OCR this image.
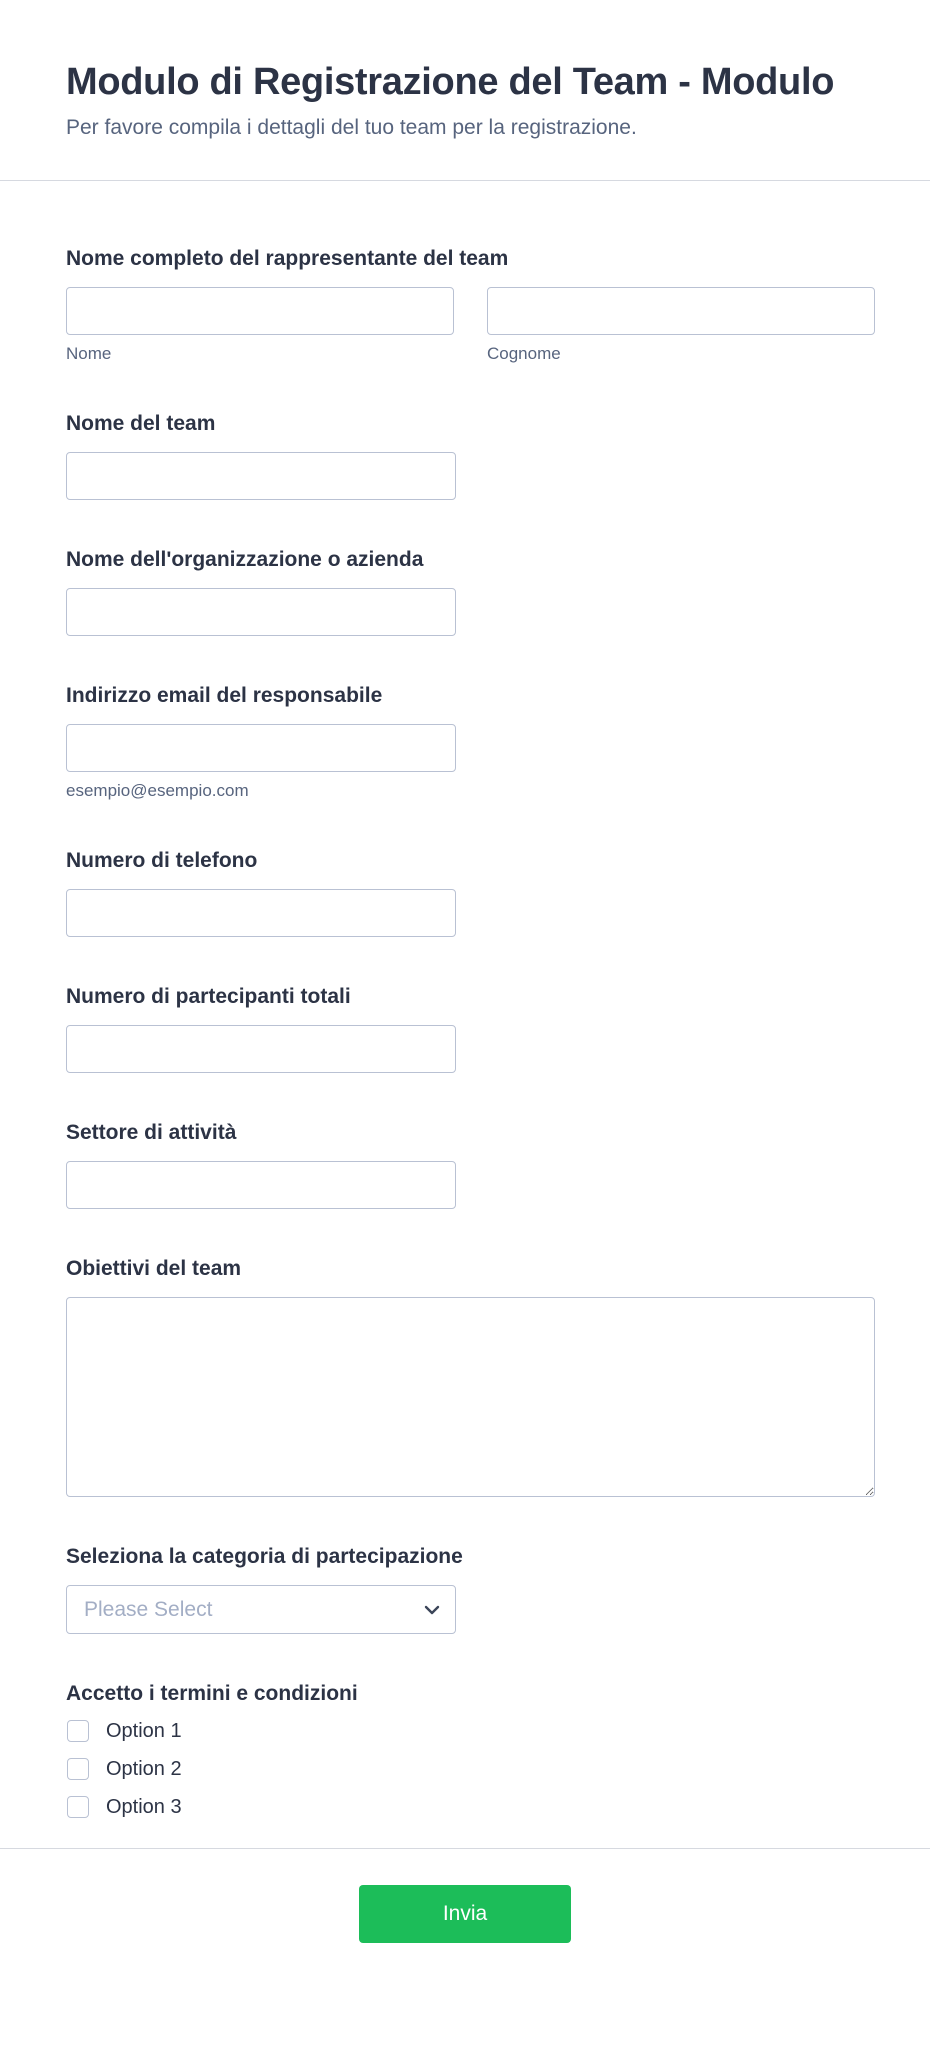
Modulo di Registrazione del Team - Modulo

Per favore compila i dettagli del tuo team per la registrazione.

Nome completo del rappresentante del team
Nome	Cognome
Nome del team
Nome dell'organizzazione o azienda
Indirizzo email del responsabile
esempio@esempio.com
Numero di telefono
Numero di partecipanti totali
Settore di attività
Obiettivi del team
Seleziona la categoria di partecipazione
Please Select
Accetto i termini e condizioni
Option 1
Option 2
Option 3
Invia
